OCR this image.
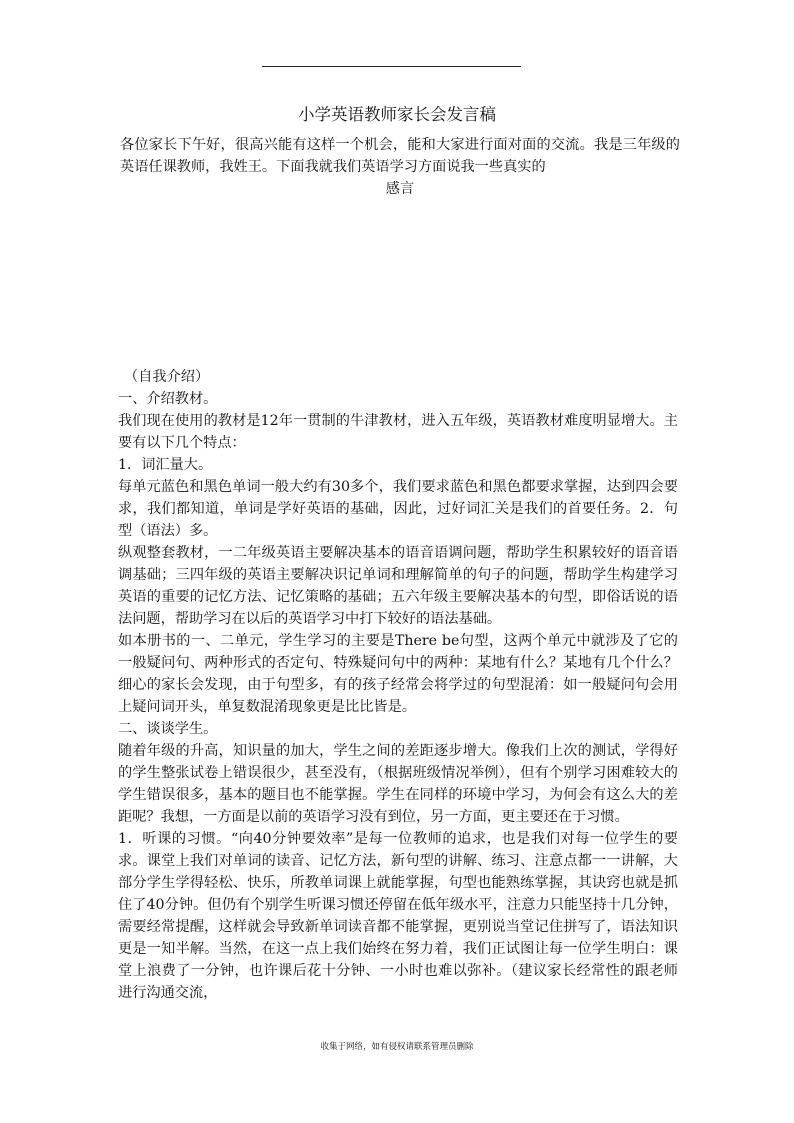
小学英语教师家长会发言稿
各位家长下午好，很高兴能有这样一个机会，能和大家进行面对面的交流。我是三年级的英语任课教师，我姓王。下面我就我们英语学习方面说我一些真实的
感言

（自我介绍）

一、介绍教材。

我们现在使用的教材是12年一贯制的牛津教材，进入五年级，英语教材难度明显增大。主要有以下几个特点：

1．词汇量大。

每单元蓝色和黑色单词一般大约有30多个，我们要求蓝色和黑色都要求掌握，达到四会要求，我们都知道，单词是学好英语的基础，因此，过好词汇关是我们的首要任务。2．句型（语法）多。

纵观整套教材，一二年级英语主要解决基本的语音语调问题，帮助学生积累较好的语音语调基础；三四年级的英语主要解决识记单词和理解简单的句子的问题，帮助学生构建学习英语的重要的记忆方法、记忆策略的基础；五六年级主要解决基本的句型，即俗话说的语法问题，帮助学习在以后的英语学习中打下较好的语法基础。

如本册书的一、二单元，学生学习的主要是There be句型，这两个单元中就涉及了它的一般疑问句、两种形式的否定句、特殊疑问句中的两种：某地有什么？某地有几个什么？细心的家长会发现，由于句型多，有的孩子经常会将学过的句型混淆：如一般疑问句会用上疑问词开头，单复数混淆现象更是比比皆是。

二、谈谈学生。

随着年级的升高，知识量的加大，学生之间的差距逐步增大。像我们上次的测试，学得好的学生整张试卷上错误很少，甚至没有，（根据班级情况举例），但有个别学习困难较大的学生错误很多，基本的题目也不能掌握。学生在同样的环境中学习，为何会有这么大的差距呢？我想，一方面是以前的英语学习没有到位，另一方面，更主要还在于习惯。

1．听课的习惯。“向40分钟要效率”是每一位教师的追求，也是我们对每一位学生的要求。课堂上我们对单词的读音、记忆方法，新句型的讲解、练习、注意点都一一讲解，大部分学生学得轻松、快乐，所教单词课上就能掌握，句型也能熟练掌握，其诀窍也就是抓住了40分钟。但仍有个别学生听课习惯还停留在低年级水平，注意力只能坚持十几分钟，需要经常提醒，这样就会导致新单词读音都不能掌握，更别说当堂记住拼写了，语法知识更是一知半解。当然，在这一点上我们始终在努力着，我们正试图让每一位学生明白：课堂上浪费了一分钟，也许课后花十分钟、一小时也难以弥补。（建议家长经常性的跟老师进行沟通交流，

收集于网络，如有侵权请联系管理员删除
